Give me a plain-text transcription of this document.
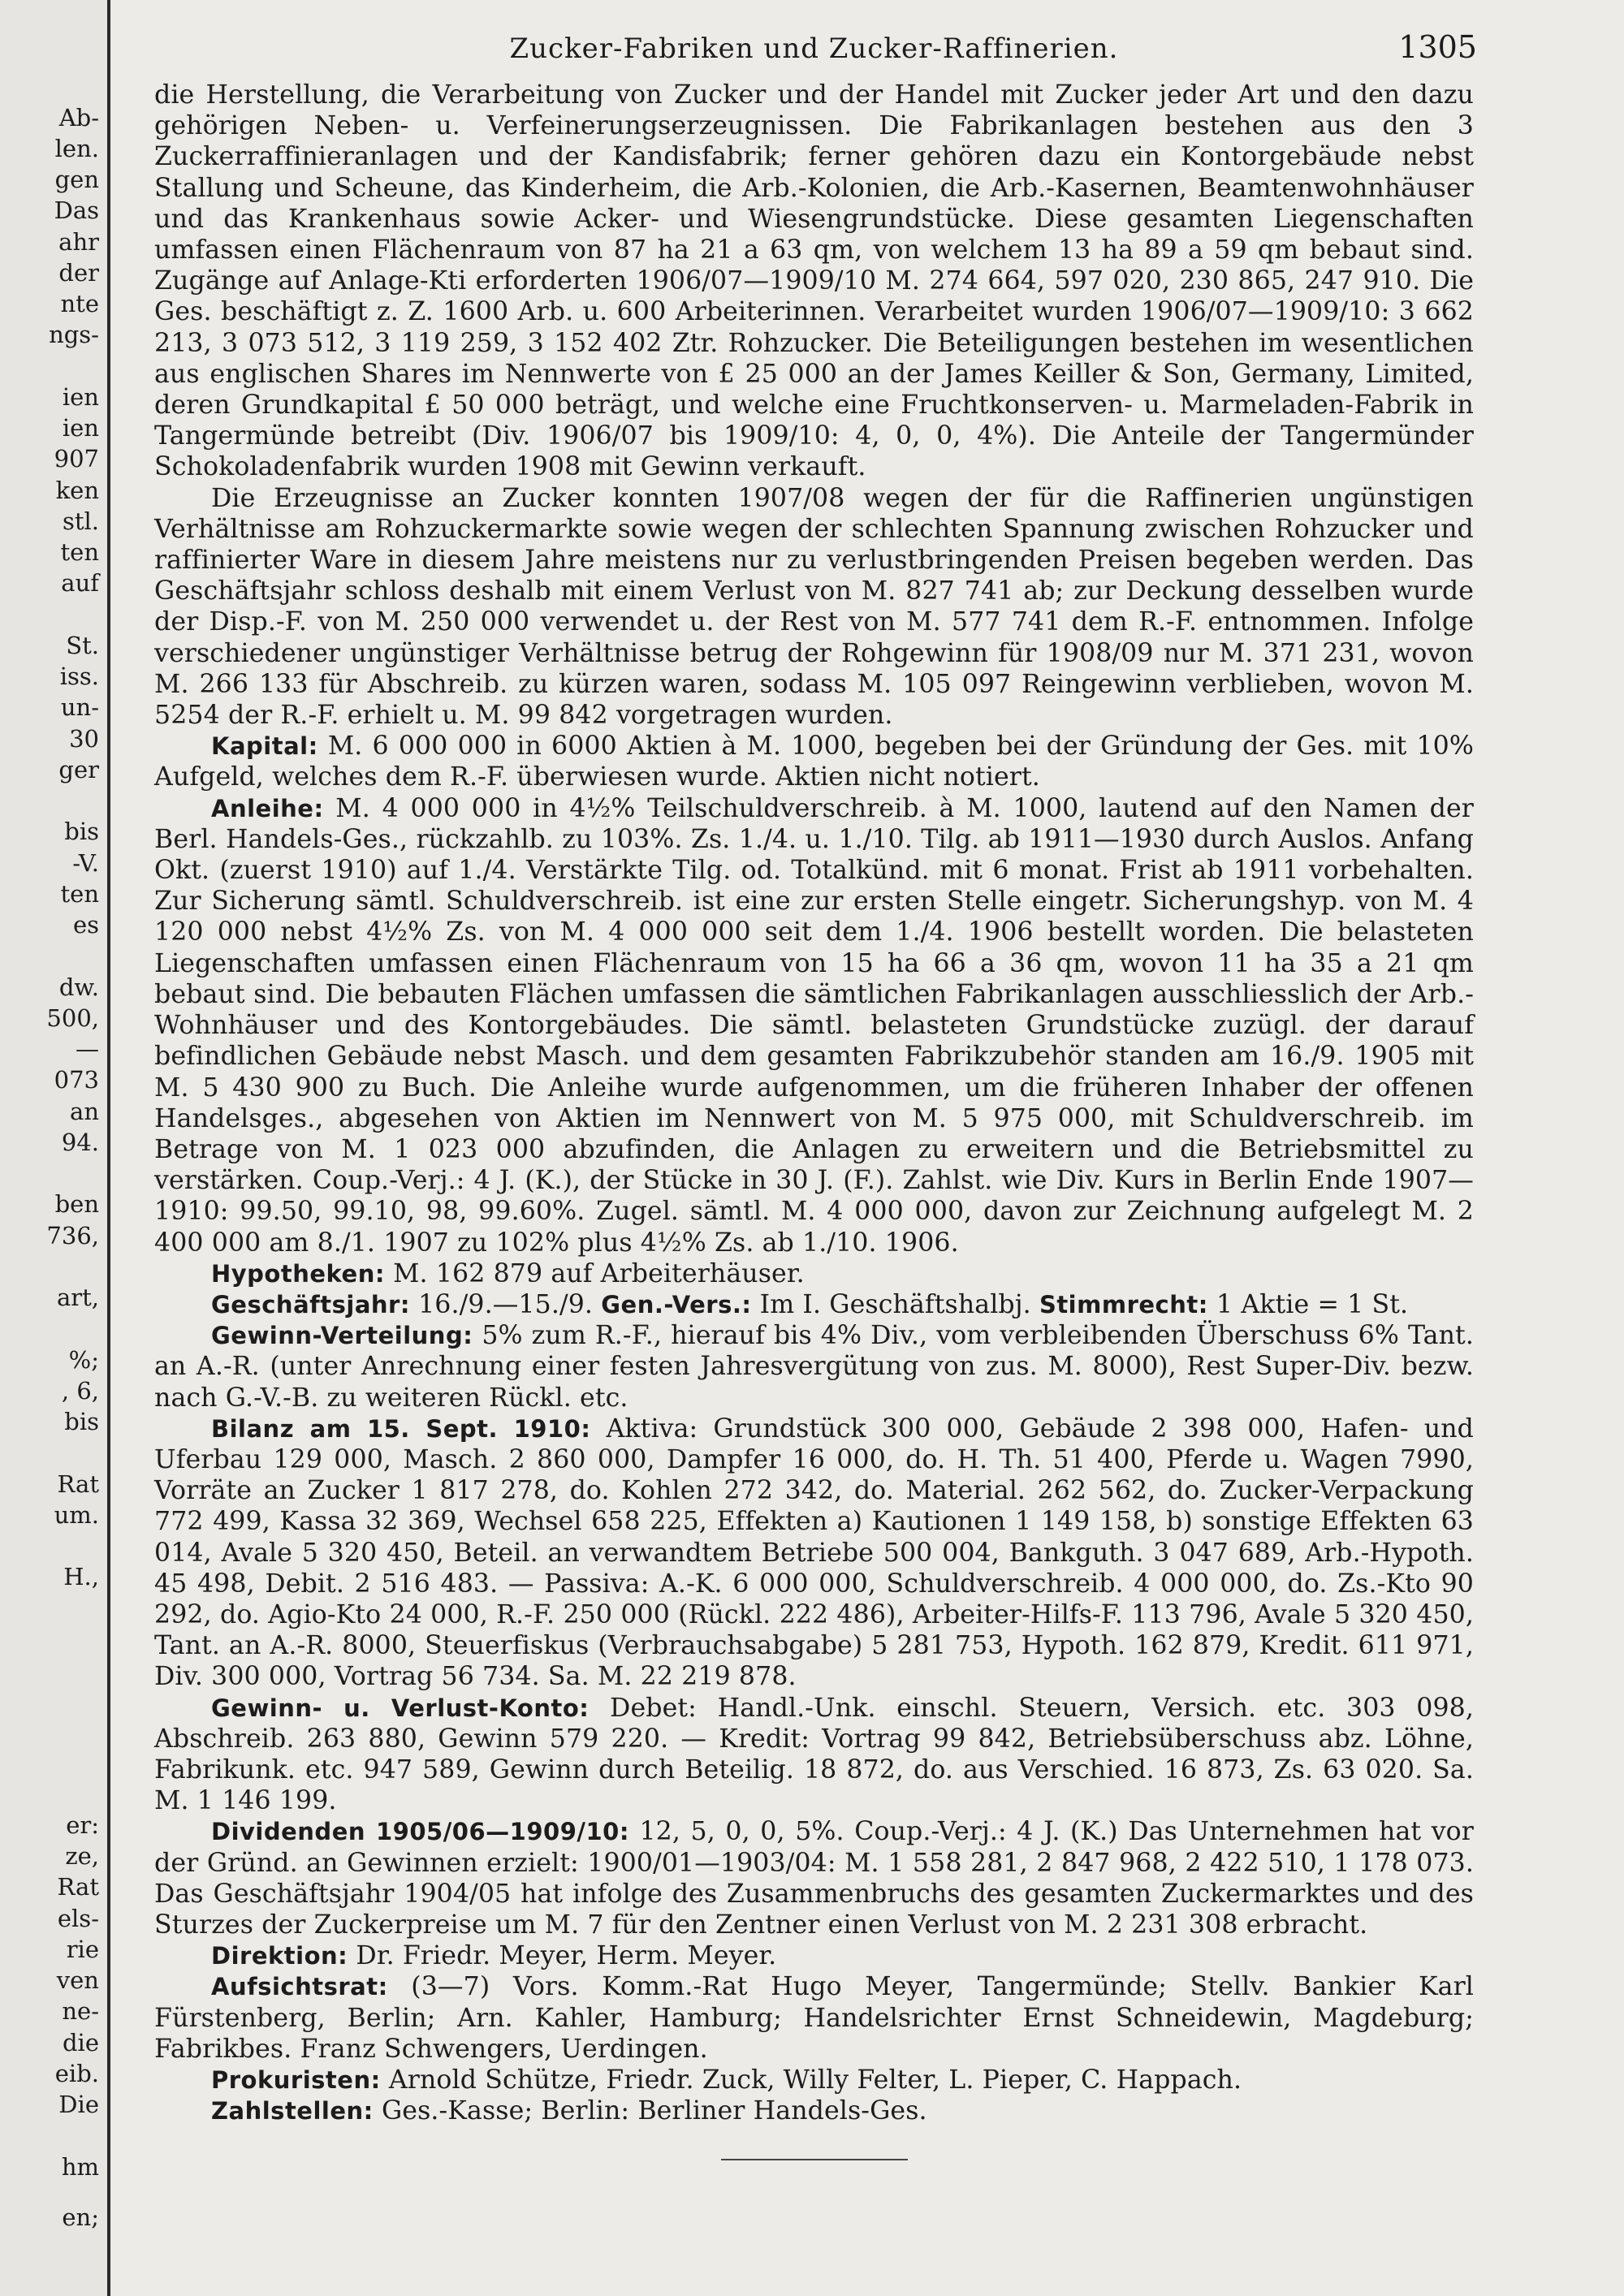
Ab-
len.
gen
Das
ahr
der
nte
ngs-
ien
ien
907
ken
stl.
ten
auf
St.
iss.
un-
30
ger
bis
-V.
ten
es
dw.
500,
—
073
an
94.
ben
736,
art,
%;
, 6,
bis
Rat
um.
H.,
er:
ze,
Rat
els-
rie
ven
ne-
die
eib.
Die
hm
en;
Zucker-Fabriken und Zucker-Raffinerien.	1305

die Herstellung, die Verarbeitung von Zucker und der Handel mit Zucker jeder Art und den dazu gehörigen Neben- u. Verfeinerungserzeugnissen. Die Fabrikanlagen bestehen aus den 3 Zuckerraffinieranlagen und der Kandisfabrik; ferner gehören dazu ein Kontorgebäude nebst Stallung und Scheune, das Kinderheim, die Arb.-Kolonien, die Arb.-Kasernen, Beamtenwohnhäuser und das Krankenhaus sowie Acker- und Wiesengrundstücke. Diese gesamten Liegenschaften umfassen einen Flächenraum von 87 ha 21 a 63 qm, von welchem 13 ha 89 a 59 qm bebaut sind. Zugänge auf Anlage-Kti erforderten 1906/07—1909/10 M. 274 664, 597 020, 230 865, 247 910. Die Ges. beschäftigt z. Z. 1600 Arb. u. 600 Arbeiterinnen. Verarbeitet wurden 1906/07—1909/10: 3 662 213, 3 073 512, 3 119 259, 3 152 402 Ztr. Rohzucker. Die Beteiligungen bestehen im wesentlichen aus englischen Shares im Nennwerte von £ 25 000 an der James Keiller & Son, Germany, Limited, deren Grundkapital £ 50 000 beträgt, und welche eine Fruchtkonserven- u. Marmeladen-Fabrik in Tangermünde betreibt (Div. 1906/07 bis 1909/10: 4, 0, 0, 4%). Die Anteile der Tangermünder Schokoladenfabrik wurden 1908 mit Gewinn verkauft.

Die Erzeugnisse an Zucker konnten 1907/08 wegen der für die Raffinerien ungünstigen Verhältnisse am Rohzuckermarkte sowie wegen der schlechten Spannung zwischen Rohzucker und raffinierter Ware in diesem Jahre meistens nur zu verlustbringenden Preisen begeben werden. Das Geschäftsjahr schloss deshalb mit einem Verlust von M. 827 741 ab; zur Deckung desselben wurde der Disp.-F. von M. 250 000 verwendet u. der Rest von M. 577 741 dem R.-F. entnommen. Infolge verschiedener ungünstiger Verhältnisse betrug der Rohgewinn für 1908/09 nur M. 371 231, wovon M. 266 133 für Abschreib. zu kürzen waren, sodass M. 105 097 Reingewinn verblieben, wovon M. 5254 der R.-F. erhielt u. M. 99 842 vorgetragen wurden.

Kapital: M. 6 000 000 in 6000 Aktien à M. 1000, begeben bei der Gründung der Ges. mit 10% Aufgeld, welches dem R.-F. überwiesen wurde. Aktien nicht notiert.

Anleihe: M. 4 000 000 in 4½% Teilschuldverschreib. à M. 1000, lautend auf den Namen der Berl. Handels-Ges., rückzahlb. zu 103%. Zs. 1./4. u. 1./10. Tilg. ab 1911—1930 durch Auslos. Anfang Okt. (zuerst 1910) auf 1./4. Verstärkte Tilg. od. Totalkünd. mit 6 monat. Frist ab 1911 vorbehalten. Zur Sicherung sämtl. Schuldverschreib. ist eine zur ersten Stelle eingetr. Sicherungshyp. von M. 4 120 000 nebst 4½% Zs. von M. 4 000 000 seit dem 1./4. 1906 bestellt worden. Die belasteten Liegenschaften umfassen einen Flächenraum von 15 ha 66 a 36 qm, wovon 11 ha 35 a 21 qm bebaut sind. Die bebauten Flächen umfassen die sämtlichen Fabrikanlagen ausschliesslich der Arb.-Wohnhäuser und des Kontorgebäudes. Die sämtl. belasteten Grundstücke zuzügl. der darauf befindlichen Gebäude nebst Masch. und dem gesamten Fabrikzubehör standen am 16./9. 1905 mit M. 5 430 900 zu Buch. Die Anleihe wurde aufgenommen, um die früheren Inhaber der offenen Handelsges., abgesehen von Aktien im Nennwert von M. 5 975 000, mit Schuldverschreib. im Betrage von M. 1 023 000 abzufinden, die Anlagen zu erweitern und die Betriebsmittel zu verstärken. Coup.-Verj.: 4 J. (K.), der Stücke in 30 J. (F.). Zahlst. wie Div. Kurs in Berlin Ende 1907—1910: 99.50, 99.10, 98, 99.60%. Zugel. sämtl. M. 4 000 000, davon zur Zeichnung aufgelegt M. 2 400 000 am 8./1. 1907 zu 102% plus 4½% Zs. ab 1./10. 1906.

Hypotheken: M. 162 879 auf Arbeiterhäuser.

Geschäftsjahr: 16./9.—15./9. Gen.-Vers.: Im I. Geschäftshalbj. Stimmrecht: 1 Aktie = 1 St.

Gewinn-Verteilung: 5% zum R.-F., hierauf bis 4% Div., vom verbleibenden Überschuss 6% Tant. an A.-R. (unter Anrechnung einer festen Jahresvergütung von zus. M. 8000), Rest Super-Div. bezw. nach G.-V.-B. zu weiteren Rückl. etc.

Bilanz am 15. Sept. 1910: Aktiva: Grundstück 300 000, Gebäude 2 398 000, Hafen- und Uferbau 129 000, Masch. 2 860 000, Dampfer 16 000, do. H. Th. 51 400, Pferde u. Wagen 7990, Vorräte an Zucker 1 817 278, do. Kohlen 272 342, do. Material. 262 562, do. Zucker-Verpackung 772 499, Kassa 32 369, Wechsel 658 225, Effekten a) Kautionen 1 149 158, b) sonstige Effekten 63 014, Avale 5 320 450, Beteil. an verwandtem Betriebe 500 004, Bankguth. 3 047 689, Arb.-Hypoth. 45 498, Debit. 2 516 483. — Passiva: A.-K. 6 000 000, Schuldverschreib. 4 000 000, do. Zs.-Kto 90 292, do. Agio-Kto 24 000, R.-F. 250 000 (Rückl. 222 486), Arbeiter-Hilfs-F. 113 796, Avale 5 320 450, Tant. an A.-R. 8000, Steuerfiskus (Verbrauchsabgabe) 5 281 753, Hypoth. 162 879, Kredit. 611 971, Div. 300 000, Vortrag 56 734. Sa. M. 22 219 878.

Gewinn- u. Verlust-Konto: Debet: Handl.-Unk. einschl. Steuern, Versich. etc. 303 098, Abschreib. 263 880, Gewinn 579 220. — Kredit: Vortrag 99 842, Betriebsüberschuss abz. Löhne, Fabrikunk. etc. 947 589, Gewinn durch Beteilig. 18 872, do. aus Verschied. 16 873, Zs. 63 020. Sa. M. 1 146 199.

Dividenden 1905/06—1909/10: 12, 5, 0, 0, 5%. Coup.-Verj.: 4 J. (K.) Das Unternehmen hat vor der Gründ. an Gewinnen erzielt: 1900/01—1903/04: M. 1 558 281, 2 847 968, 2 422 510, 1 178 073. Das Geschäftsjahr 1904/05 hat infolge des Zusammenbruchs des gesamten Zuckermarktes und des Sturzes der Zuckerpreise um M. 7 für den Zentner einen Verlust von M. 2 231 308 erbracht.

Direktion: Dr. Friedr. Meyer, Herm. Meyer.

Aufsichtsrat: (3—7) Vors. Komm.-Rat Hugo Meyer, Tangermünde; Stellv. Bankier Karl Fürstenberg, Berlin; Arn. Kahler, Hamburg; Handelsrichter Ernst Schneidewin, Magdeburg; Fabrikbes. Franz Schwengers, Uerdingen.

Prokuristen: Arnold Schütze, Friedr. Zuck, Willy Felter, L. Pieper, C. Happach.

Zahlstellen: Ges.-Kasse; Berlin: Berliner Handels-Ges.
